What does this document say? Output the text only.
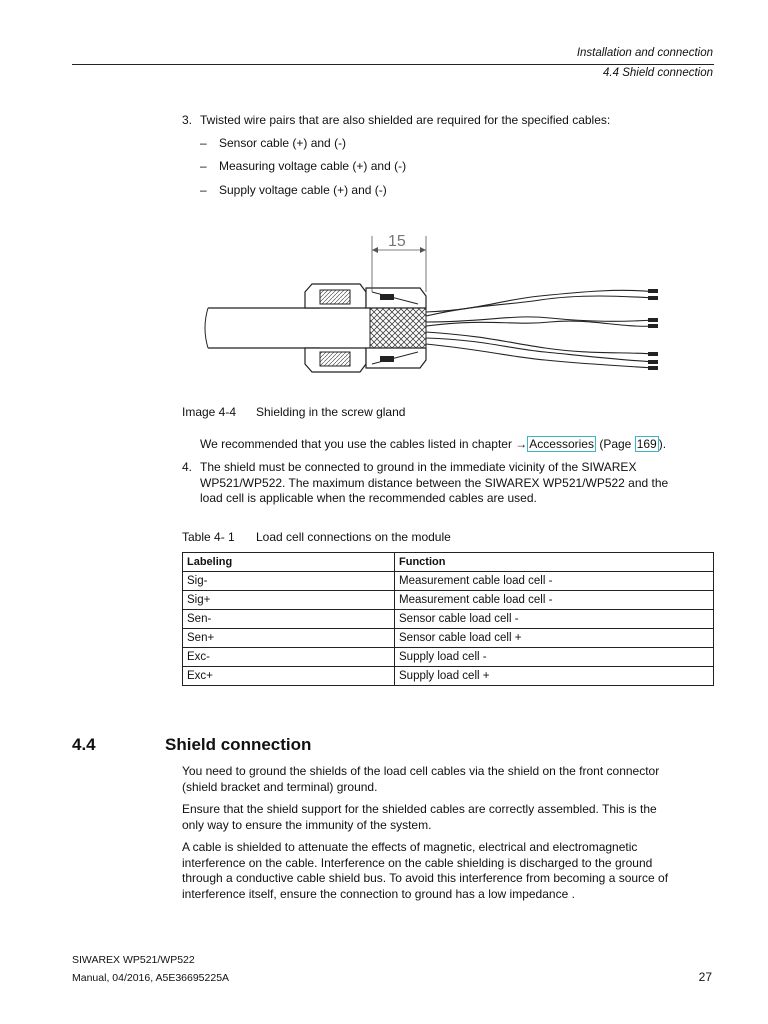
Installation and connection
4.4 Shield connection
3. Twisted wire pairs that are also shielded are required for the specified cables:
– Sensor cable (+) and (-)
– Measuring voltage cable (+) and (-)
– Supply voltage cable (+) and (-)
15
Image 4-4 Shielding in the screw gland
We recommended that you use the cables listed in chapter → Accessories (Page 169 ).
4. The shield must be connected to ground in the immediate vicinity of the SIWAREX
WP521/WP522. The maximum distance between the SIWAREX WP521/WP522 and the
load cell is applicable when the recommended cables are used.
Table 4- 1 Load cell connections on the module
Labeling	Function
Sig-	Measurement cable load cell -
Sig+	Measurement cable load cell -
Sen-	Sensor cable load cell -
Sen+	Sensor cable load cell +
Exc-	Supply load cell -
Exc+	Supply load cell +
4.4	Shield connection
You need to ground the shields of the load cell cables via the shield on the front connector
(shield bracket and terminal) ground.
Ensure that the shield support for the shielded cables are correctly assembled. This is the
only way to ensure the immunity of the system.
A cable is shielded to attenuate the effects of magnetic, electrical and electromagnetic
interference on the cable. Interference on the cable shielding is discharged to the ground
through a conductive cable shield bus. To avoid this interference from becoming a source of
interference itself, ensure the connection to ground has a low impedance .
SIWAREX WP521/WP522
Manual, 04/2016, A5E36695225A	27
